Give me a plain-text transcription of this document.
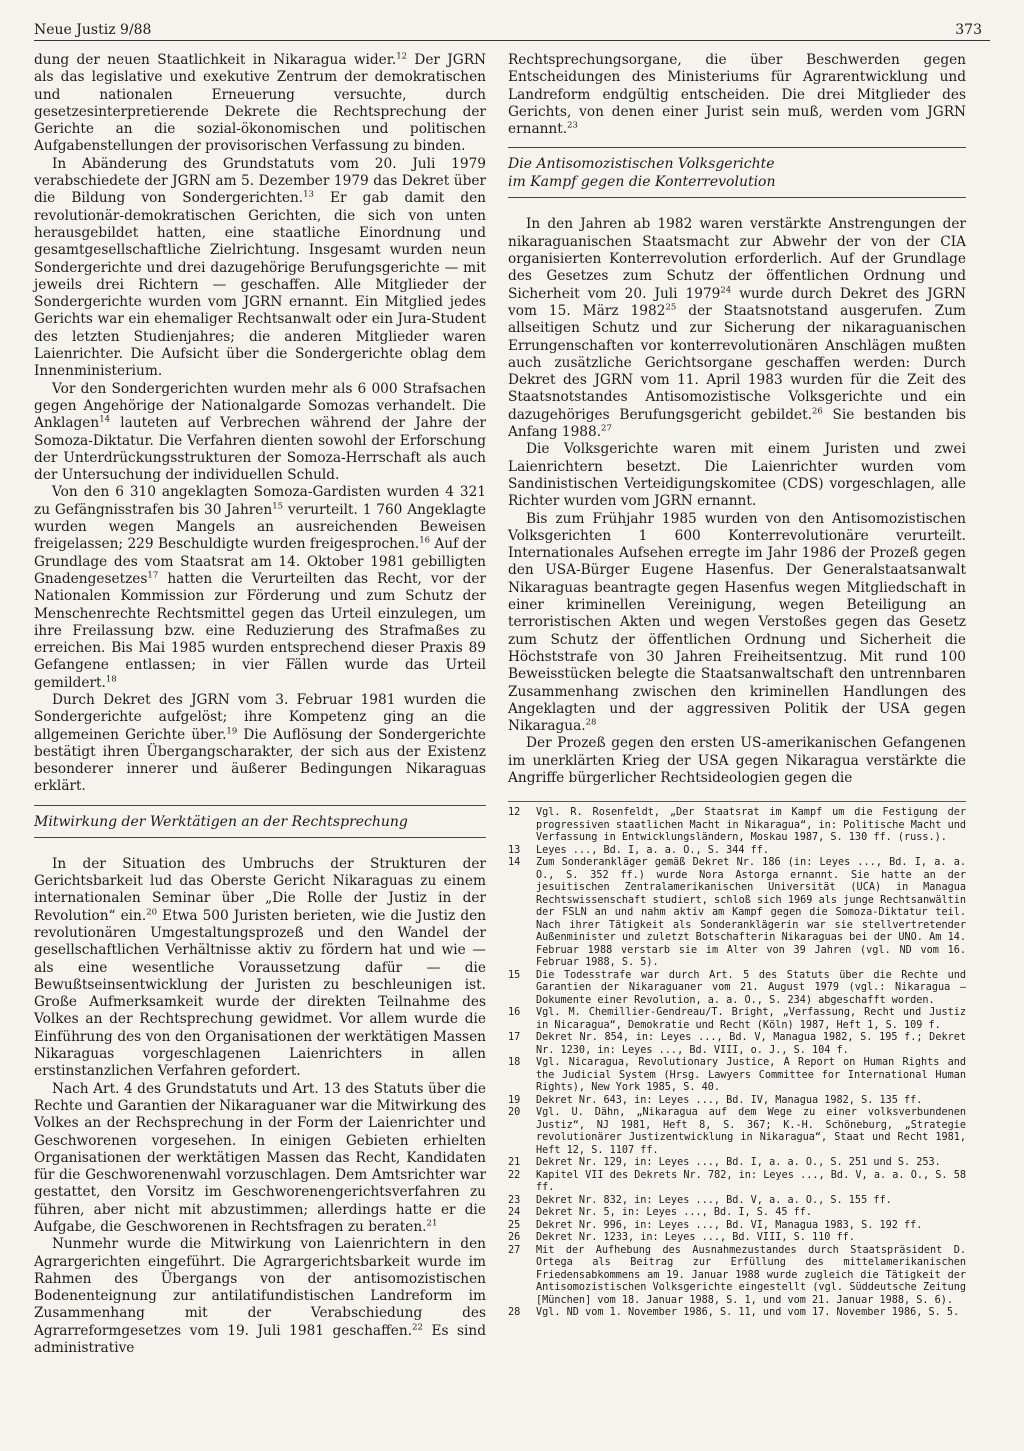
Neue Justiz 9/88	373

dung der neuen Staatlichkeit in Nikaragua wider.$^{12}$ Der JGRN als das legislative und exekutive Zentrum der demokratischen und nationalen Erneuerung versuchte, durch gesetzesinterpretierende Dekrete die Rechtsprechung der Gerichte an die sozial-ökonomischen und politischen Aufgabenstellungen der provisorischen Verfassung zu binden.

In Abänderung des Grundstatuts vom 20. Juli 1979 verabschiedete der JGRN am 5. Dezember 1979 das Dekret über die Bildung von Sondergerichten.$^{13}$ Er gab damit den revolutionär-demokratischen Gerichten, die sich von unten herausgebildet hatten, eine staatliche Einordnung und gesamtgesellschaftliche Zielrichtung. Insgesamt wurden neun Sondergerichte und drei dazugehörige Berufungsgerichte — mit jeweils drei Richtern — geschaffen. Alle Mitglieder der Sondergerichte wurden vom JGRN ernannt. Ein Mitglied jedes Gerichts war ein ehemaliger Rechtsanwalt oder ein Jura-Student des letzten Studienjahres; die anderen Mitglieder waren Laienrichter. Die Aufsicht über die Sondergerichte oblag dem Innenministerium.

Vor den Sondergerichten wurden mehr als 6 000 Strafsachen gegen Angehörige der Nationalgarde Somozas verhandelt. Die Anklagen$^{14}$ lauteten auf Verbrechen während der Jahre der Somoza-Diktatur. Die Verfahren dienten sowohl der Erforschung der Unterdrückungsstrukturen der Somoza-Herrschaft als auch der Untersuchung der individuellen Schuld.

Von den 6 310 angeklagten Somoza-Gardisten wurden 4 321 zu Gefängnisstrafen bis 30 Jahren$^{15}$ verurteilt. 1 760 Angeklagte wurden wegen Mangels an ausreichenden Beweisen freigelassen; 229 Beschuldigte wurden freigesprochen.$^{16}$ Auf der Grundlage des vom Staatsrat am 14. Oktober 1981 gebilligten Gnadengesetzes$^{17}$ hatten die Verurteilten das Recht, vor der Nationalen Kommission zur Förderung und zum Schutz der Menschenrechte Rechtsmittel gegen das Urteil einzulegen, um ihre Freilassung bzw. eine Reduzierung des Strafmaßes zu erreichen. Bis Mai 1985 wurden entsprechend dieser Praxis 89 Gefangene entlassen; in vier Fällen wurde das Urteil gemildert.$^{18}$

Durch Dekret des JGRN vom 3. Februar 1981 wurden die Sondergerichte aufgelöst; ihre Kompetenz ging an die allgemeinen Gerichte über.$^{19}$ Die Auflösung der Sondergerichte bestätigt ihren Übergangscharakter, der sich aus der Existenz besonderer innerer und äußerer Bedingungen Nikaraguas erklärt.

Mitwirkung der Werktätigen an der Rechtsprechung

In der Situation des Umbruchs der Strukturen der Gerichtsbarkeit lud das Oberste Gericht Nikaraguas zu einem internationalen Seminar über „Die Rolle der Justiz in der Revolution“ ein.$^{20}$ Etwa 500 Juristen berieten, wie die Justiz den revolutionären Umgestaltungsprozeß und den Wandel der gesellschaftlichen Verhältnisse aktiv zu fördern hat und wie — als eine wesentliche Voraussetzung dafür — die Bewußtseinsentwicklung der Juristen zu beschleunigen ist. Große Aufmerksamkeit wurde der direkten Teilnahme des Volkes an der Rechtsprechung gewidmet. Vor allem wurde die Einführung des von den Organisationen der werktätigen Massen Nikaraguas vorgeschlagenen Laienrichters in allen erstinstanzlichen Verfahren gefordert.

Nach Art. 4 des Grundstatuts und Art. 13 des Statuts über die Rechte und Garantien der Nikaraguaner war die Mitwirkung des Volkes an der Rechsprechung in der Form der Laienrichter und Geschworenen vorgesehen. In einigen Gebieten erhielten Organisationen der werktätigen Massen das Recht, Kandidaten für die Geschworenenwahl vorzuschlagen. Dem Amtsrichter war gestattet, den Vorsitz im Geschworenengerichtsverfahren zu führen, aber nicht mit abzustimmen; allerdings hatte er die Aufgabe, die Geschworenen in Rechtsfragen zu beraten.$^{21}$

Nunmehr wurde die Mitwirkung von Laienrichtern in den Agrargerichten eingeführt. Die Agrargerichtsbarkeit wurde im Rahmen des Übergangs von der antisomozistischen Bodenenteignung zur antilatifundistischen Landreform im Zusammenhang mit der Verabschiedung des Agrarreformgesetzes vom 19. Juli 1981 geschaffen.$^{22}$ Es sind administrative

Rechtsprechungsorgane, die über Beschwerden gegen Entscheidungen des Ministeriums für Agrarentwicklung und Landreform endgültig entscheiden. Die drei Mitglieder des Gerichts, von denen einer Jurist sein muß, werden vom JGRN ernannt.$^{23}$

Die Antisomozistischen Volksgerichte
im Kampf gegen die Konterrevolution

In den Jahren ab 1982 waren verstärkte Anstrengungen der nikaraguanischen Staatsmacht zur Abwehr der von der CIA organisierten Konterrevolution erforderlich. Auf der Grundlage des Gesetzes zum Schutz der öffentlichen Ordnung und Sicherheit vom 20. Juli 1979$^{24}$ wurde durch Dekret des JGRN vom 15. März 1982$^{25}$ der Staatsnotstand ausgerufen. Zum allseitigen Schutz und zur Sicherung der nikaraguanischen Errungenschaften vor konterrevolutionären Anschlägen mußten auch zusätzliche Gerichtsorgane geschaffen werden: Durch Dekret des JGRN vom 11. April 1983 wurden für die Zeit des Staatsnotstandes Antisomozistische Volksgerichte und ein dazugehöriges Berufungsgericht gebildet.$^{26}$ Sie bestanden bis Anfang 1988.27

Die Volksgerichte waren mit einem Juristen und zwei Laienrichtern besetzt. Die Laienrichter wurden vom Sandinistischen Verteidigungskomitee (CDS) vorgeschlagen, alle Richter wurden vom JGRN ernannt.

Bis zum Frühjahr 1985 wurden von den Antisomozistischen Volksgerichten 1 600 Konterrevolutionäre verurteilt. Internationales Aufsehen erregte im Jahr 1986 der Prozeß gegen den USA-Bürger Eugene Hasenfus. Der Generalstaatsanwalt Nikaraguas beantragte gegen Hasenfus wegen Mitgliedschaft in einer kriminellen Vereinigung, wegen Beteiligung an terroristischen Akten und wegen Verstoßes gegen das Gesetz zum Schutz der öffentlichen Ordnung und Sicherheit die Höchststrafe von 30 Jahren Freiheitsentzug. Mit rund 100 Beweisstücken belegte die Staatsanwaltschaft den untrennbaren Zusammenhang zwischen den kriminellen Handlungen des Angeklagten und der aggressiven Politik der USA gegen Nikaragua.$^{28}$

Der Prozeß gegen den ersten US-amerikanischen Gefangenen im unerklärten Krieg der USA gegen Nikaragua verstärkte die Angriffe bürgerlicher Rechtsideologien gegen die

12	Vgl. R. Rosenfeldt, „Der Staatsrat im Kampf um die Festigung der progressiven staatlichen Macht in Nikaragua“, in: Politische Macht und Verfassung in Entwicklungsländern, Moskau 1987, S. 130 ff. (russ.).
13	Leyes ..., Bd. I, a. a. O., S. 344 ff.
14	Zum Sonderankläger gemäß Dekret Nr. 186 (in: Leyes ..., Bd. I, a. a. O., S. 352 ff.) wurde Nora Astorga ernannt. Sie hatte an der jesuitischen Zentralamerikanischen Universität (UCA) in Managua Rechtswissenschaft studiert, schloß sich 1969 als junge Rechtsanwältin der FSLN an und nahm aktiv am Kampf gegen die Somoza-Diktatur teil. Nach ihrer Tätigkeit als Sonderanklägerin war sie stellvertretender Außenminister und zuletzt Botschafterin Nikaraguas bei der UNO. Am 14. Februar 1988 verstarb sie im Alter von 39 Jahren (vgl. ND vom 16. Februar 1988, S. 5).
15	Die Todesstrafe war durch Art. 5 des Statuts über die Rechte und Garantien der Nikaraguaner vom 21. August 1979 (vgl.: Nikaragua – Dokumente einer Revolution, a. a. O., S. 234) abgeschafft worden.
16	Vgl. M. Chemillier-Gendreau/T. Bright, „Verfassung, Recht und Justiz in Nicaragua“, Demokratie und Recht (Köln) 1987, Heft 1, S. 109 f.
17	Dekret Nr. 854, in: Leyes ..., Bd. V, Managua 1982, S. 195 f.; Dekret Nr. 1230, in: Leyes ..., Bd. VIII, o. J., S. 104 f.
18	Vgl. Nicaragua, Revolutionary Justice, A Report on Human Rights and the Judicial System (Hrsg. Lawyers Committee for International Human Rights), New York 1985, S. 40.
19	Dekret Nr. 643, in: Leyes ..., Bd. IV, Managua 1982, S. 135 ff.
20	Vgl. U. Dähn, „Nikaragua auf dem Wege zu einer volksverbundenen Justiz“, NJ 1981, Heft 8, S. 367; K.-H. Schöneburg, „Strategie revolutionärer Justizentwicklung in Nikaragua“, Staat und Recht 1981, Heft 12, S. 1107 ff.
21	Dekret Nr. 129, in: Leyes ..., Bd. I, a. a. O., S. 251 und S. 253.
22	Kapitel VII des Dekrets Nr. 782, in: Leyes ..., Bd. V, a. a. O., S. 58 ff.
23	Dekret Nr. 832, in: Leyes ..., Bd. V, a. a. O., S. 155 ff.
24	Dekret Nr. 5, in: Leyes ..., Bd. I, S. 45 ff.
25	Dekret Nr. 996, in: Leyes ..., Bd. VI, Managua 1983, S. 192 ff.
26	Dekret Nr. 1233, in: Leyes ..., Bd. VIII, S. 110 ff.
27	Mit der Aufhebung des Ausnahmezustandes durch Staatspräsident D. Ortega als Beitrag zur Erfüllung des mittelamerikanischen Friedensabkommens am 19. Januar 1988 wurde zugleich die Tätigkeit der Antisomozistischen Volksgerichte eingestellt (vgl. Süddeutsche Zeitung [München] vom 18. Januar 1988, S. 1, und vom 21. Januar 1988, S. 6).
28	Vgl. ND vom 1. November 1986, S. 11, und vom 17. November 1986, S. 5.
